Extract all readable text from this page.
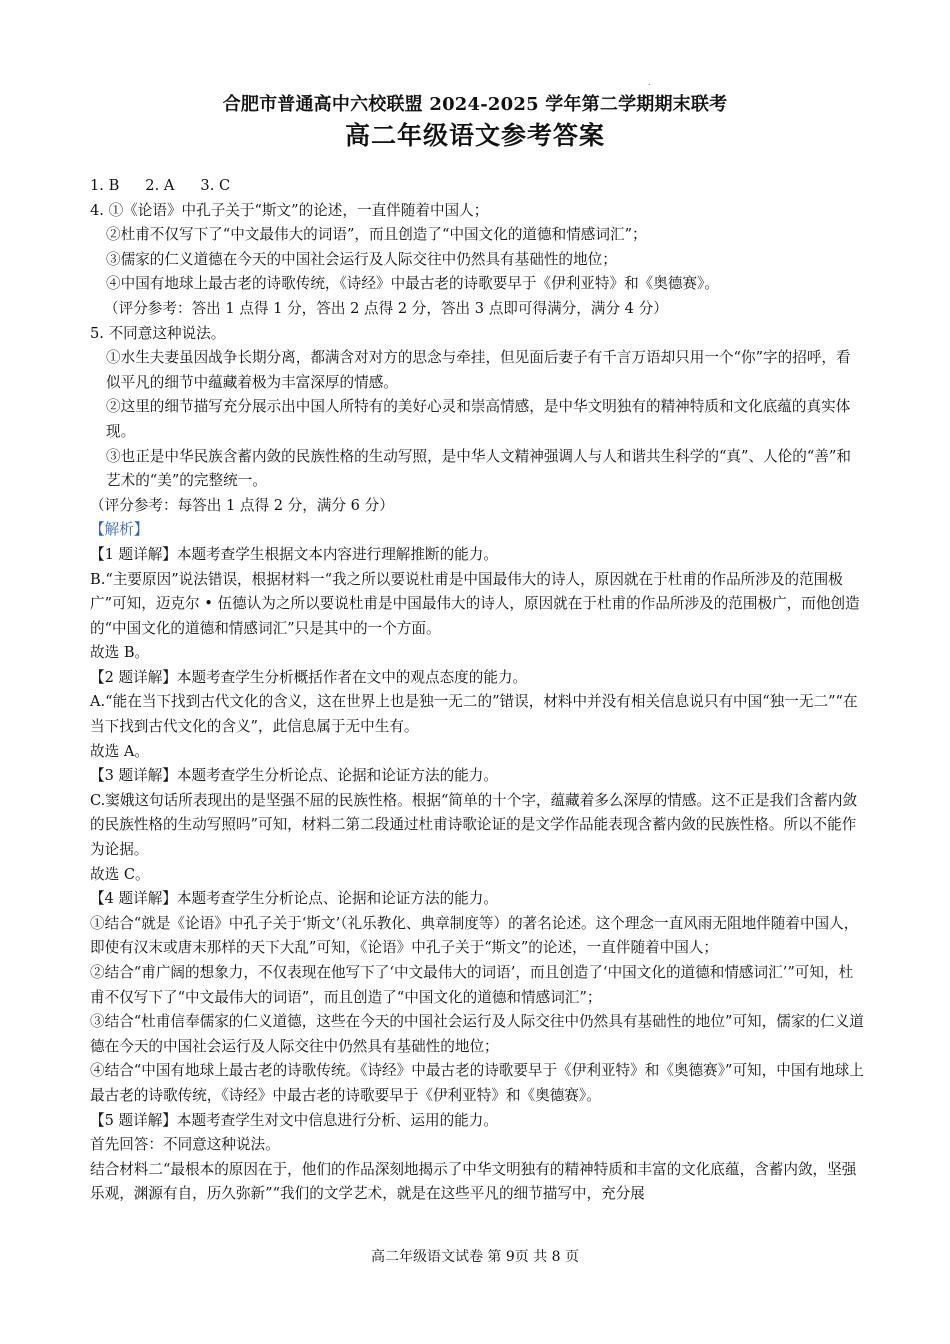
.
合肥市普通高中六校联盟 2024-2025 学年第二学期期末联考
高二年级语文参考答案

1. B 2. A 3. C

4. ①《论语》中孔子关于“斯文”的论述，一直伴随着中国人；

②杜甫不仅写下了“中文最伟大的词语”，而且创造了“中国文化的道德和情感词汇”；

③儒家的仁义道德在今天的中国社会运行及人际交往中仍然具有基础性的地位；

④中国有地球上最古老的诗歌传统，《诗经》中最古老的诗歌要早于《伊利亚特》和《奥德赛》。

（评分参考：答出 1 点得 1 分，答出 2 点得 2 分，答出 3 点即可得满分，满分 4 分）

5. 不同意这种说法。

①水生夫妻虽因战争长期分离，都满含对对方的思念与牵挂，但见面后妻子有千言万语却只用一个“你”字的招呼，看似平凡的细节中蕴藏着极为丰富深厚的情感。

②这里的细节描写充分展示出中国人所特有的美好心灵和崇高情感，是中华文明独有的精神特质和文化底蕴的真实体现。

③也正是中华民族含蓄内敛的民族性格的生动写照，是中华人文精神强调人与人和谐共生科学的“真”、人伦的“善”和艺术的“美”的完整统一。

（评分参考：每答出 1 点得 2 分，满分 6 分）

【解析】

【1 题详解】本题考查学生根据文本内容进行理解推断的能力。

B.“主要原因”说法错误，根据材料一“我之所以要说杜甫是中国最伟大的诗人，原因就在于杜甫的作品所涉及的范围极广”可知，迈克尔 • 伍德认为之所以要说杜甫是中国最伟大的诗人，原因就在于杜甫的作品所涉及的范围极广，而他创造的“中国文化的道德和情感词汇”只是其中的一个方面。

故选 B。

【2 题详解】本题考查学生分析概括作者在文中的观点态度的能力。

A.“能在当下找到古代文化的含义，这在世界上也是独一无二的”错误，材料中并没有相关信息说只有中国“独一无二”“在当下找到古代文化的含义”，此信息属于无中生有。

故选 A。

【3 题详解】本题考查学生分析论点、论据和论证方法的能力。

C.窦娥这句话所表现出的是坚强不屈的民族性格。根据“简单的十个字，蕴藏着多么深厚的情感。这不正是我们含蓄内敛的民族性格的生动写照吗”可知，材料二第二段通过杜甫诗歌论证的是文学作品能表现含蓄内敛的民族性格。所以不能作为论据。

故选 C。

【4 题详解】本题考查学生分析论点、论据和论证方法的能力。

①结合“就是《论语》中孔子关于‘斯文’（礼乐教化、典章制度等）的著名论述。这个理念一直风雨无阻地伴随着中国人，即使有汉末或唐末那样的天下大乱”可知，《论语》中孔子关于“斯文”的论述，一直伴随着中国人；

②结合“甫广阔的想象力，不仅表现在他写下了‘中文最伟大的词语’，而且创造了‘中国文化的道德和情感词汇’”可知，杜甫不仅写下了“中文最伟大的词语”，而且创造了“中国文化的道德和情感词汇”；

③结合“杜甫信奉儒家的仁义道德，这些在今天的中国社会运行及人际交往中仍然具有基础性的地位”可知，儒家的仁义道德在今天的中国社会运行及人际交往中仍然具有基础性的地位；

④结合“中国有地球上最古老的诗歌传统。《诗经》中最古老的诗歌要早于《伊利亚特》和《奥德赛》”可知，中国有地球上最古老的诗歌传统，《诗经》中最古老的诗歌要早于《伊利亚特》和《奥德赛》。

【5 题详解】本题考查学生对文中信息进行分析、运用的能力。

首先回答：不同意这种说法。

结合材料二“最根本的原因在于，他们的作品深刻地揭示了中华文明独有的精神特质和丰富的文化底蕴，含蓄内敛，坚强乐观，渊源有自，历久弥新”“我们的文学艺术，就是在这些平凡的细节描写中，充分展

高二年级语文试卷 第 9页 共 8 页
